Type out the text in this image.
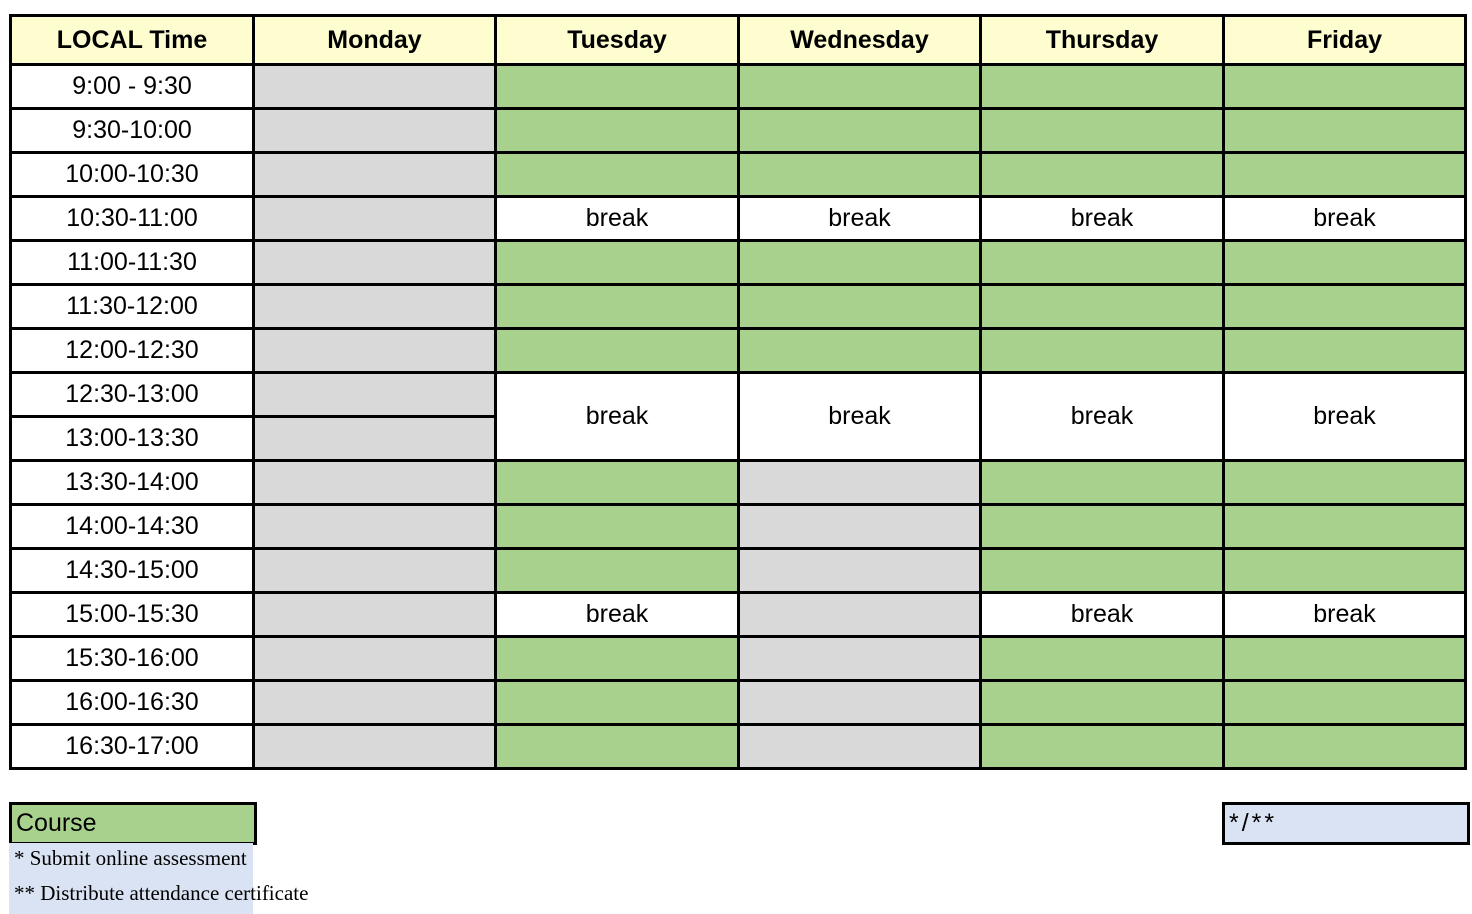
LOCAL Time	Monday	Tuesday	Wednesday	Thursday	Friday
9:00 - 9:30					
9:30-10:00					
10:00-10:30					
10:30-11:00		break	break	break	break
11:00-11:30					
11:30-12:00					
12:00-12:30					
12:30-13:00		break	break	break	break
13:00-13:30					
13:30-14:00					
14:00-14:30					
14:30-15:00					
15:00-15:30		break		break	break
15:30-16:00					
16:00-16:30					
16:30-17:00					
Course	*/**
* Submit online assessment
** Distribute attendance certificate
